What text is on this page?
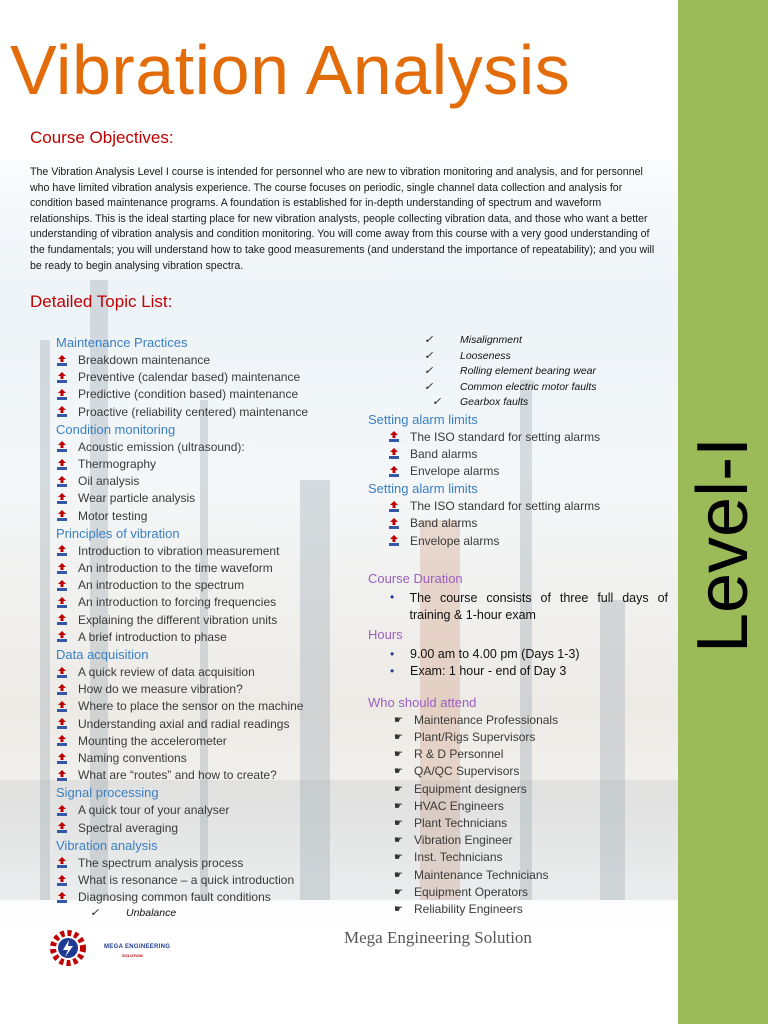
Vibration Analysis
Course Objectives:

The Vibration Analysis Level I course is intended for personnel who are new to vibration monitoring and analysis, and for personnel who have limited vibration analysis experience. The course focuses on periodic, single channel data collection and analysis for condition based maintenance programs. A foundation is established for in-depth understanding of spectrum and waveform relationships. This is the ideal starting place for new vibration analysts, people collecting vibration data, and those who want a better understanding of vibration analysis and condition monitoring. You will come away from this course with a very good understanding of the fundamentals; you will understand how to take good measurements (and understand the importance of repeatability); and you will be ready to begin analysing vibration spectra.

Detailed Topic List:
Maintenance Practices
Breakdown maintenance
Preventive (calendar based) maintenance
Predictive (condition based) maintenance
Proactive (reliability centered) maintenance
Condition monitoring
Acoustic emission (ultrasound):
Thermography
Oil analysis
Wear particle analysis
Motor testing
Principles of vibration
Introduction to vibration measurement
An introduction to the time waveform
An introduction to the spectrum
An introduction to forcing frequencies
Explaining the different vibration units
A brief introduction to phase
Data acquisition
A quick review of data acquisition
How do we measure vibration?
Where to place the sensor on the machine
Understanding axial and radial readings
Mounting the accelerometer
Naming conventions
What are “routes” and how to create?
Signal processing
A quick tour of your analyser
Spectral averaging
Vibration analysis
The spectrum analysis process
What is resonance – a quick introduction
Diagnosing common fault conditions
✓	Unbalance
✓	Misalignment
✓	Looseness
✓	Rolling element bearing wear
✓	Common electric motor faults
✓ Gearbox faults
Setting alarm limits
The ISO standard for setting alarms
Band alarms
Envelope alarms
Setting alarm limits
The ISO standard for setting alarms
Band alarms
Envelope alarms
Course Duration
•	The course consists of three full days of training & 1-hour exam
Hours
•	9.00 am to 4.00 pm (Days 1-3)
•	Exam: 1 hour - end of Day 3
Who should attend
☛ Maintenance Professionals
☛ Plant/Rigs Supervisors
☛ R & D Personnel
☛ QA/QC Supervisors
☛ Equipment designers
☛ HVAC Engineers
☛ Plant Technicians
☛ Vibration Engineer
☛ Inst. Technicians
☛ Maintenance Technicians
☛ Equipment Operators
☛ Reliability Engineers
Level-I
MEGA ENGINEERING
SOLUTION
Mega Engineering Solution
